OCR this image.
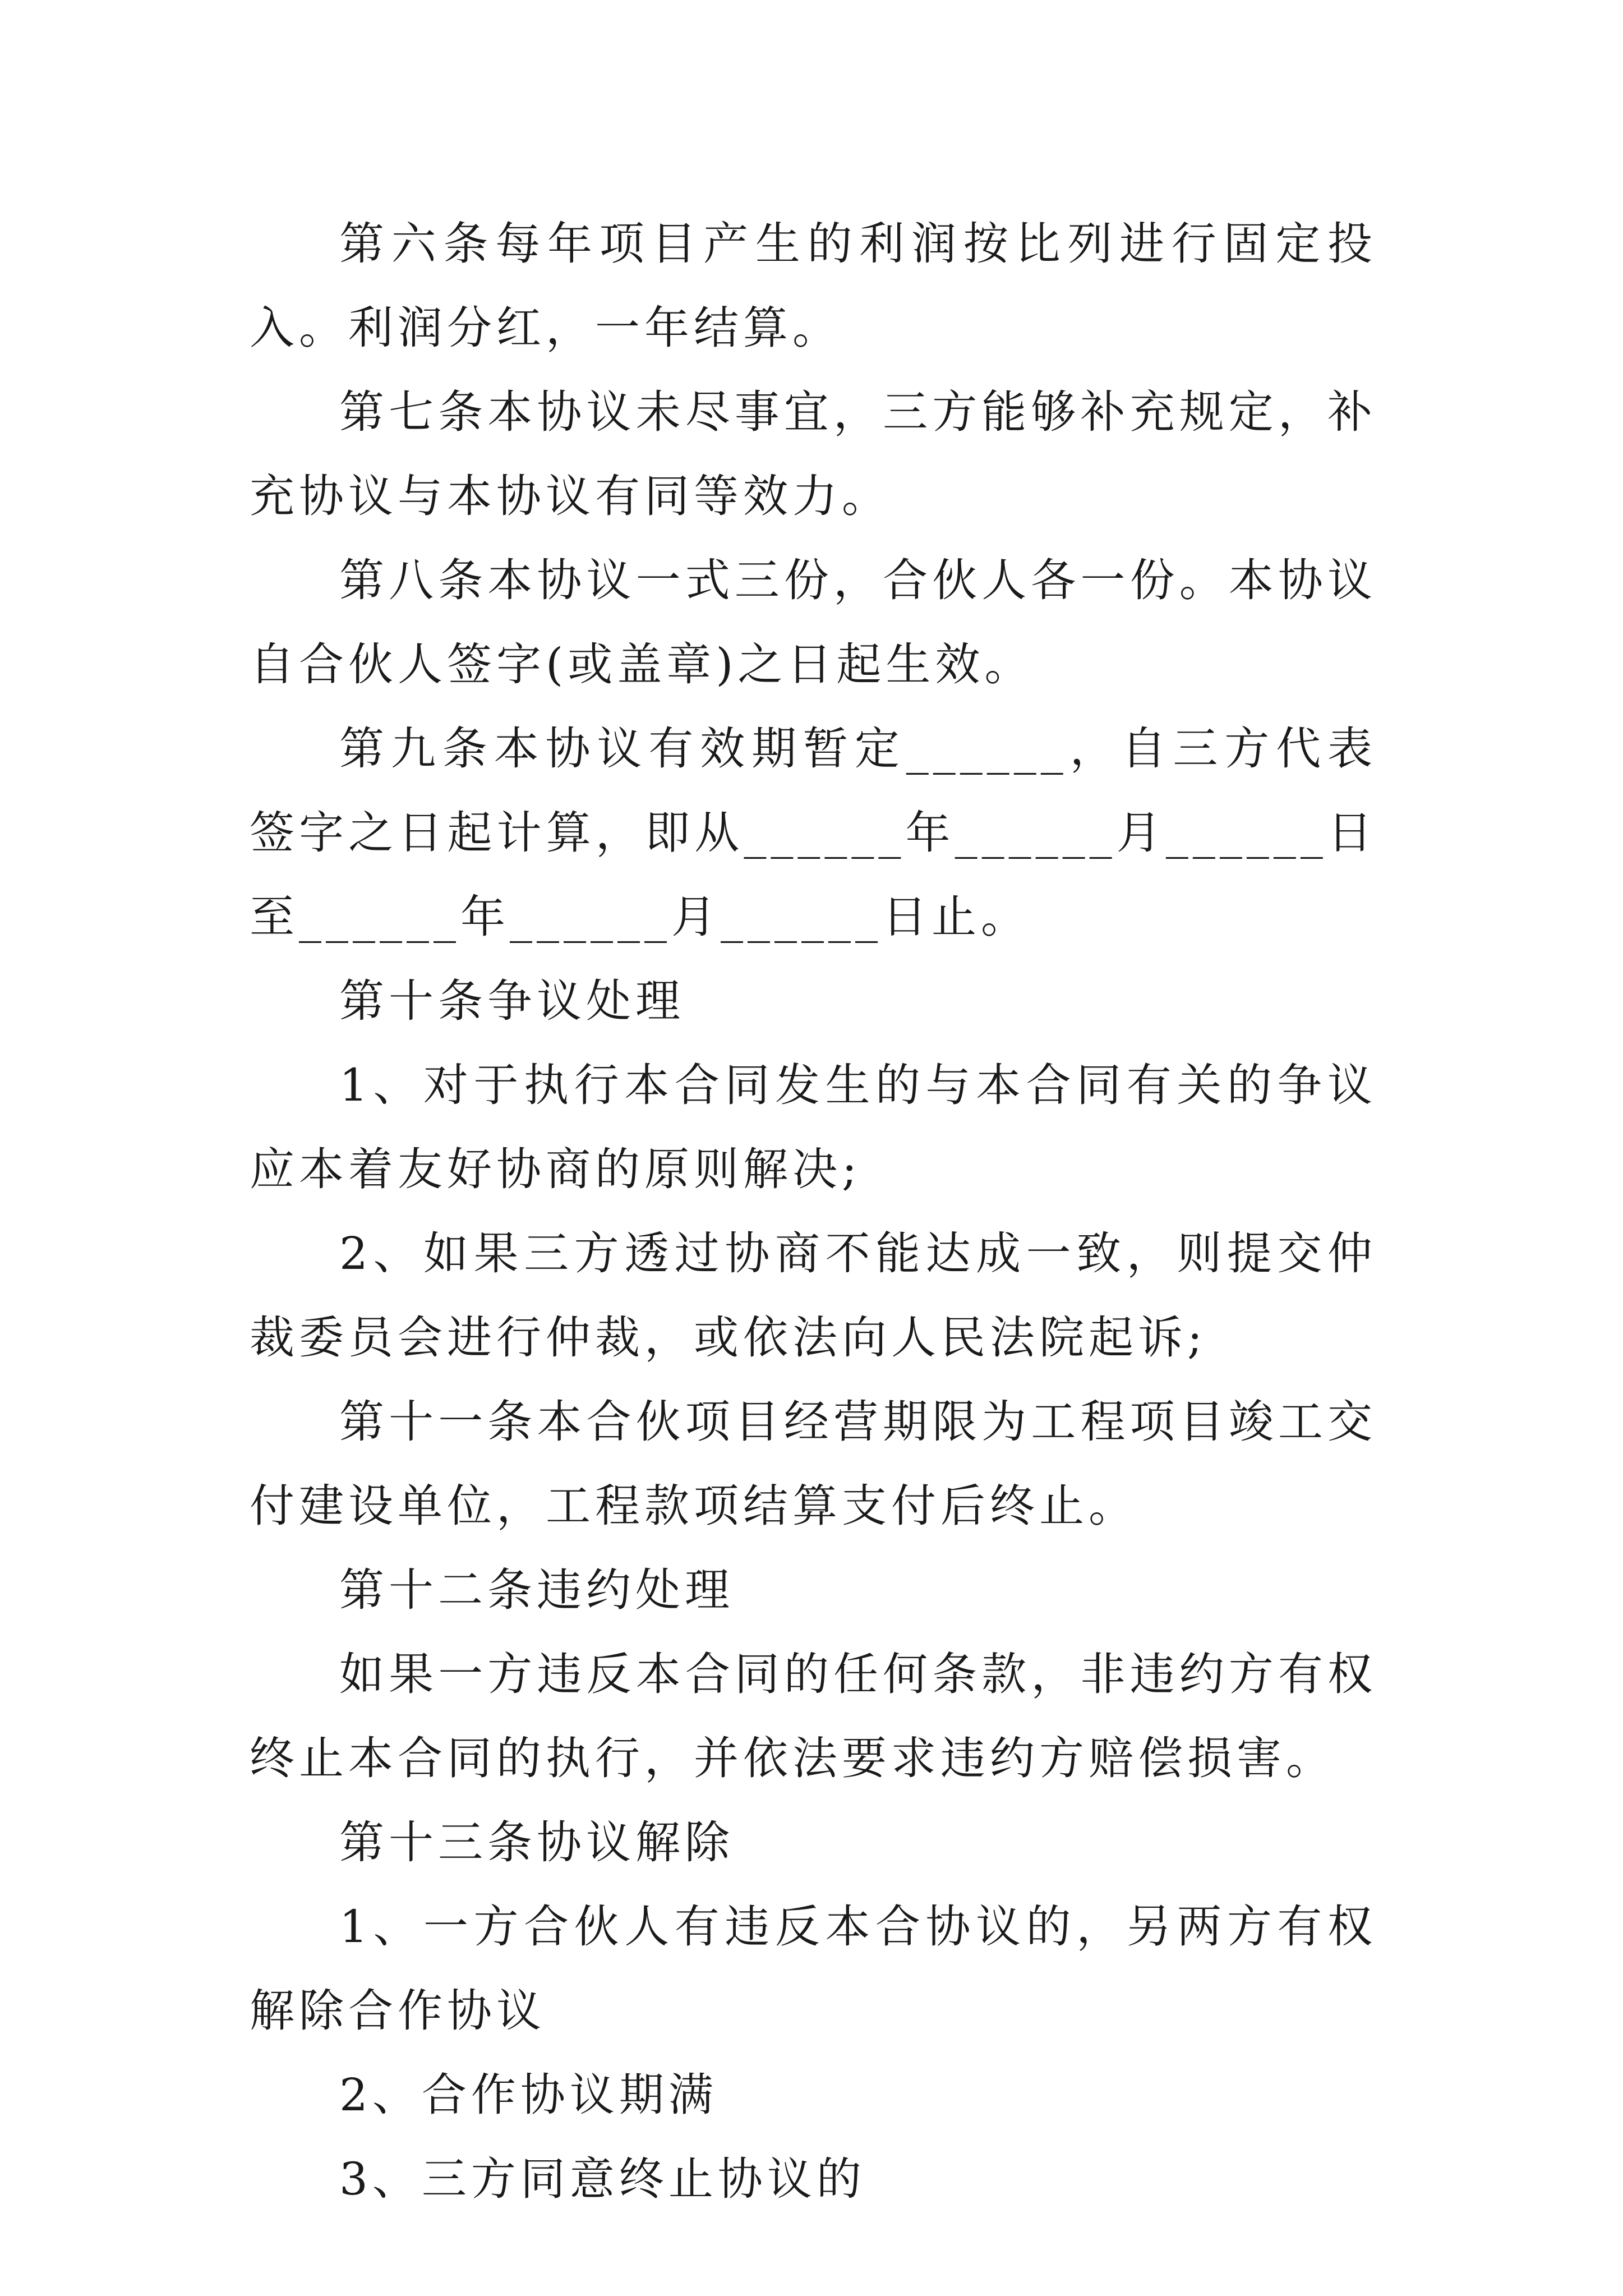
第六条每年项目产生的利润按比列进行固定投入。利润分红，一年结算。

第七条本协议未尽事宜，三方能够补充规定，补充协议与本协议有同等效力。

第八条本协议一式三份，合伙人各一份。本协议自合伙人签字(或盖章)之日起生效。

第九条本协议有效期暂定______，自三方代表签字之日起计算，即从______年______月______日至______年______月______日止。

第十条争议处理

1、对于执行本合同发生的与本合同有关的争议应本着友好协商的原则解决;

2、如果三方透过协商不能达成一致，则提交仲裁委员会进行仲裁，或依法向人民法院起诉;

第十一条本合伙项目经营期限为工程项目竣工交付建设单位，工程款项结算支付后终止。

第十二条违约处理

如果一方违反本合同的任何条款，非违约方有权终止本合同的执行，并依法要求违约方赔偿损害。

第十三条协议解除

1、一方合伙人有违反本合协议的，另两方有权解除合作协议

2、合作协议期满

3、三方同意终止协议的
